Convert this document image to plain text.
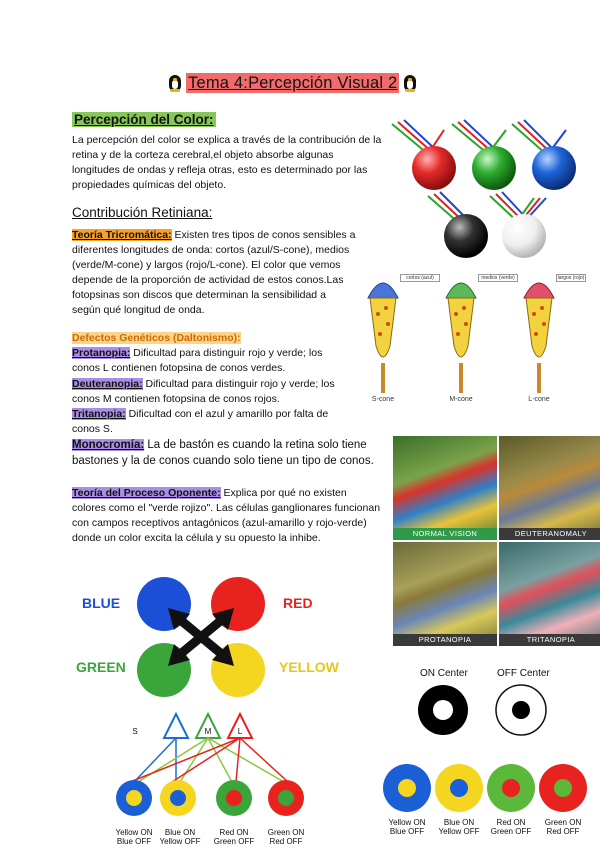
Tema 4:Percepción Visual 2
Percepción del Color:
La percepción del color se explica a través de la contribución de la retina y de la corteza cerebral,el objeto absorbe algunas longitudes de ondas y refleja otras, esto es determinado por las propiedades químicas del objeto.
Contribución Retiniana:
Teoría Tricromática: Existen tres tipos de conos sensibles a diferentes longitudes de onda: cortos (azul/S-cone), medios (verde/M-cone) y largos (rojo/L-cone). El color que vemos depende de la proporción de actividad de estos conos.Las fotopsinas son discos que determinan la sensibilidad a según qué longitud de onda.
Defectos Genéticos (Daltonismo):
Protanopia: Dificultad para distinguir rojo y verde; los conos L contienen fotopsina de conos verdes.
Deuteranopia: Dificultad para distinguir rojo y verde; los conos M contienen fotopsina de conos rojos.
Tritanopia: Dificultad con el azul y amarillo por falta de conos S.
Monocromía: La de bastón es cuando la retina solo tiene bastones y la de conos cuando solo tiene un tipo de conos.
Teoría del Proceso Oponente: Explica por qué no existen colores como el "verde rojizo". Las células ganglionares funcionan con campos receptivos antagónicos (azul-amarillo y rojo-verde) donde un color excita la célula y su opuesto la inhibe.
cortos (azul)	medios (verde)	largos (rojo)
S-cone	M-cone	L-cone
NORMAL VISION	DEUTERANOMALY
PROTANOPIA	TRITANOPIA
BLUE	RED
GREEN	YELLOW
S	M	L
Yellow ON
Blue OFF
Blue ON
Yellow OFF
Red ON
Green OFF
Green ON
Red OFF
ON Center	OFF Center
Yellow ON
Blue OFF
Blue ON
Yellow OFF
Red ON
Green OFF
Green ON
Red OFF
